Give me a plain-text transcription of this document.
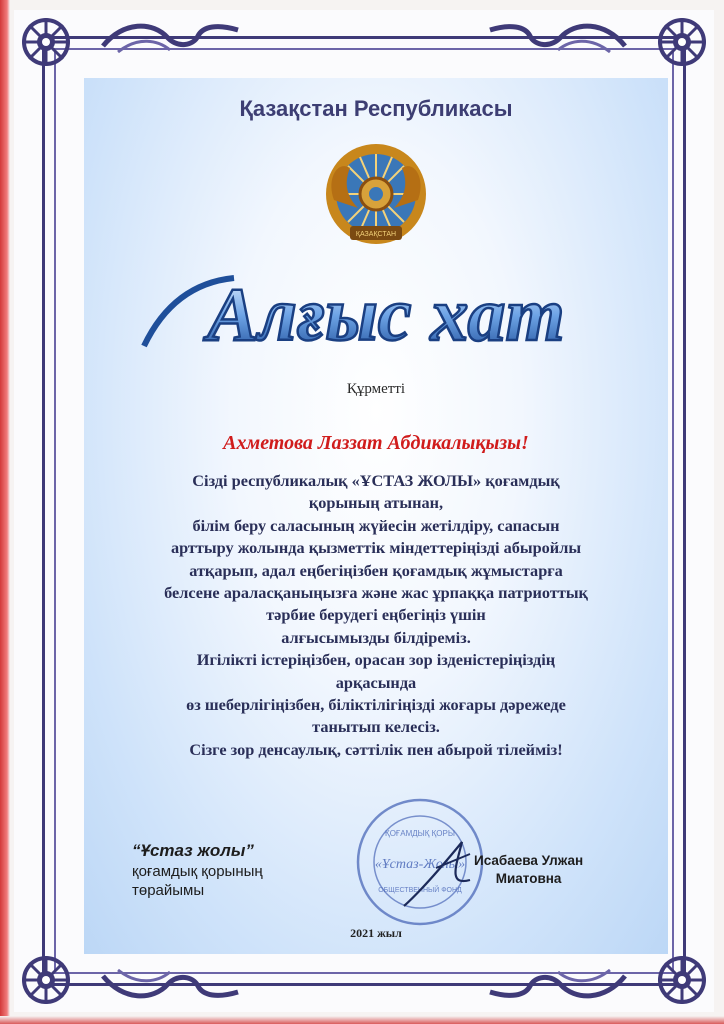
Қазақстан Республикасы
ҚАЗАҚСТАН
Алғыс хат
Құрметті
Ахметова Лаззат Абдикалықызы!
Сізді республикалық «ҰСТАЗ ЖОЛЫ» қоғамдық
қорының атынан,
білім беру саласының жүйесін жетілдіру, сапасын
арттыру жолында қызметтік міндеттеріңізді абыройлы
атқарып, адал еңбегіңізбен қоғамдық жұмыстарға
белсене араласқаныңызға және жас ұрпаққа патриоттық
тәрбие берудегі еңбегіңіз үшін
алғысымызды білдіреміз.
Игілікті істеріңізбен, орасан зор ізденістеріңіздің
арқасында
өз шеберлігіңізбен, біліктілігіңізді жоғары дәрежеде
танытып келесіз.
Сізге зор денсаулық, сәттілік пен абырой тілейміз!
“Ұстаз жолы”
қоғамдық қорының
төрайымы
ҚОҒАМДЫҚ ҚОРЫ
«Ұстаз-Жолы»
ОБЩЕСТВЕННЫЙ ФОНД
Исабаева Улжан
Миатовна
2021 жыл
